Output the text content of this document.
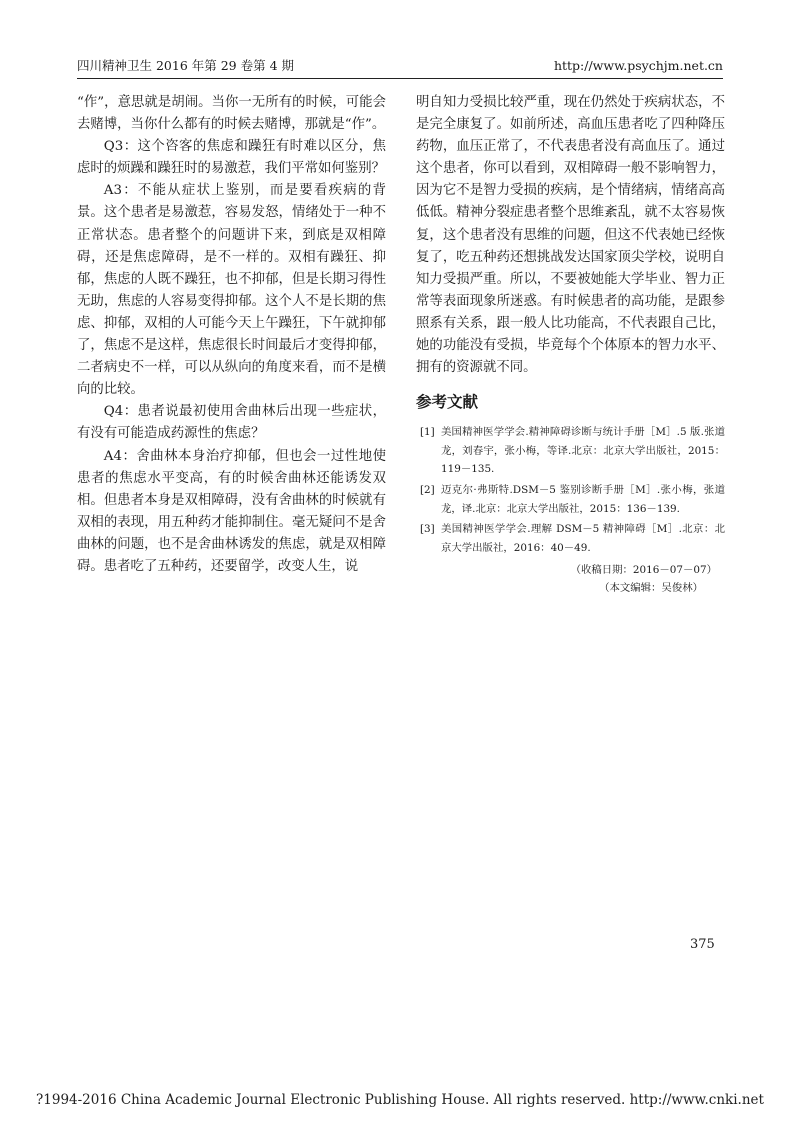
四川精神卫生 2016 年第 29 卷第 4 期	http://www.psychjm.net.cn

“作”，意思就是胡闹。当你一无所有的时候，可能会去赌博，当你什么都有的时候去赌博，那就是“作”。

Q3：这个咨客的焦虑和躁狂有时难以区分，焦虑时的烦躁和躁狂时的易激惹，我们平常如何鉴别？

A3：不能从症状上鉴别，而是要看疾病的背景。这个患者是易激惹，容易发怒，情绪处于一种不正常状态。患者整个的问题讲下来，到底是双相障碍，还是焦虑障碍，是不一样的。双相有躁狂、抑郁，焦虑的人既不躁狂，也不抑郁，但是长期习得性无助，焦虑的人容易变得抑郁。这个人不是长期的焦虑、抑郁，双相的人可能今天上午躁狂，下午就抑郁了，焦虑不是这样，焦虑很长时间最后才变得抑郁，二者病史不一样，可以从纵向的角度来看，而不是横向的比较。

Q4：患者说最初使用舍曲林后出现一些症状，有没有可能造成药源性的焦虑？

A4：舍曲林本身治疗抑郁，但也会一过性地使患者的焦虑水平变高，有的时候舍曲林还能诱发双相。但患者本身是双相障碍，没有舍曲林的时候就有双相的表现，用五种药才能抑制住。毫无疑问不是舍曲林的问题，也不是舍曲林诱发的焦虑，就是双相障碍。患者吃了五种药，还要留学，改变人生，说

明自知力受损比较严重，现在仍然处于疾病状态，不是完全康复了。如前所述，高血压患者吃了四种降压药物，血压正常了，不代表患者没有高血压了。通过这个患者，你可以看到，双相障碍一般不影响智力，因为它不是智力受损的疾病，是个情绪病，情绪高高低低。精神分裂症患者整个思维紊乱，就不太容易恢复，这个患者没有思维的问题，但这不代表她已经恢复了，吃五种药还想挑战发达国家顶尖学校，说明自知力受损严重。所以，不要被她能大学毕业、智力正常等表面现象所迷惑。有时候患者的高功能，是跟参照系有关系，跟一般人比功能高，不代表跟自己比，她的功能没有受损，毕竟每个个体原本的智力水平、拥有的资源就不同。

参考文献
[1] 美国精神医学学会.精神障碍诊断与统计手册［M］.5 版.张道龙，刘春宇，张小梅，等译.北京：北京大学出版社，2015：119－135.
[2] 迈克尔·弗斯特.DSM－5 鉴别诊断手册［M］.张小梅，张道龙，译.北京：北京大学出版社，2015：136－139.
[3] 美国精神医学学会.理解 DSM－5 精神障碍［M］.北京：北京大学出版社，2016：40－49.
（收稿日期：2016－07－07）
（本文编辑：吴俊林）
375
?1994-2016 China Academic Journal Electronic Publishing House. All rights reserved. http://www.cnki.net
